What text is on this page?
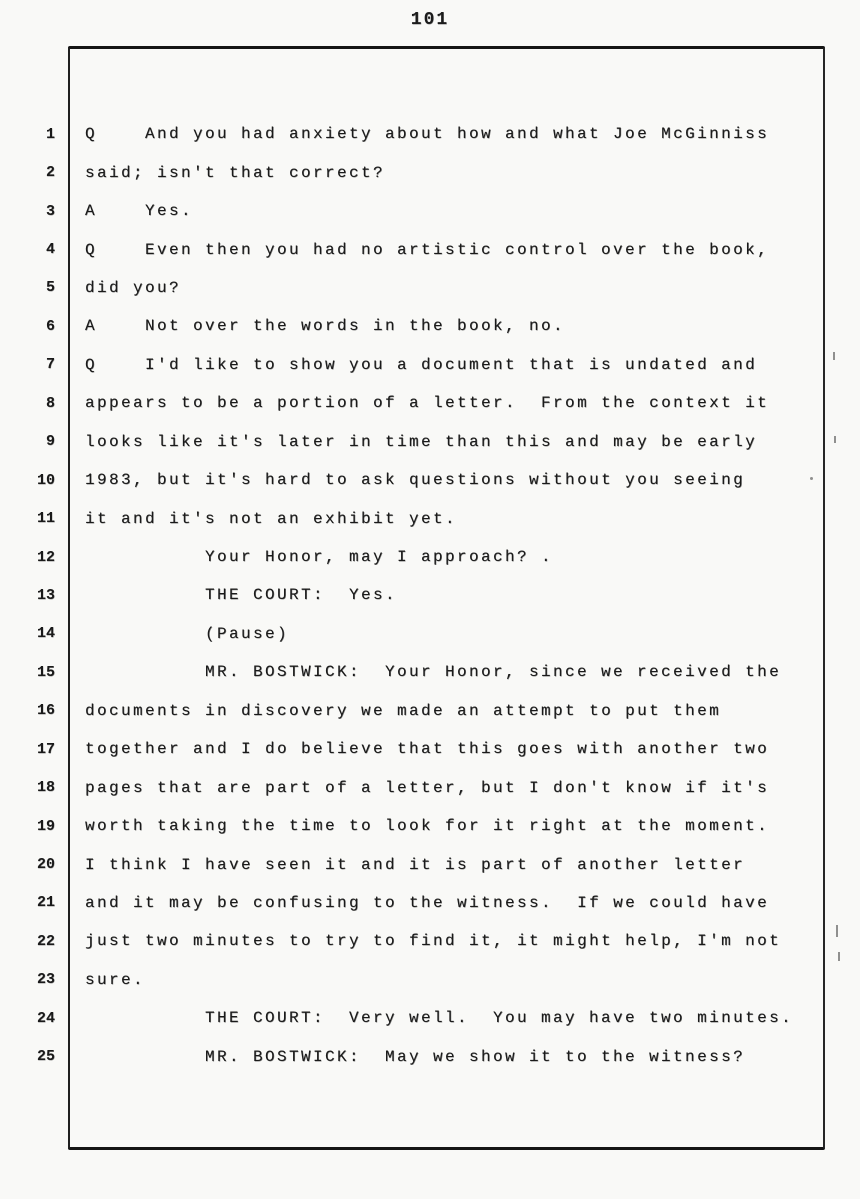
101
1 Q	And you had anxiety about how and what Joe McGinniss
2 said; isn't that correct?
3 A	Yes.
4 Q	Even then you had no artistic control over the book,
5 did you?
6 A	Not over the words in the book, no.
7 Q	I'd like to show you a document that is undated and
8 appears to be a portion of a letter.  From the context it
9 looks like it's later in time than this and may be early
10 1983, but it's hard to ask questions without you seeing
11 it and it's not an exhibit yet.
12	Your Honor, may I approach? .
13	THE COURT:  Yes.
14	(Pause)
15	MR. BOSTWICK:  Your Honor, since we received the
16 documents in discovery we made an attempt to put them
17 together and I do believe that this goes with another two
18 pages that are part of a letter, but I don't know if it's
19 worth taking the time to look for it right at the moment.
20 I think I have seen it and it is part of another letter
21 and it may be confusing to the witness.  If we could have
22 just two minutes to try to find it, it might help, I'm not
23 sure.
24	THE COURT:  Very well.  You may have two minutes.
25	MR. BOSTWICK:  May we show it to the witness?
